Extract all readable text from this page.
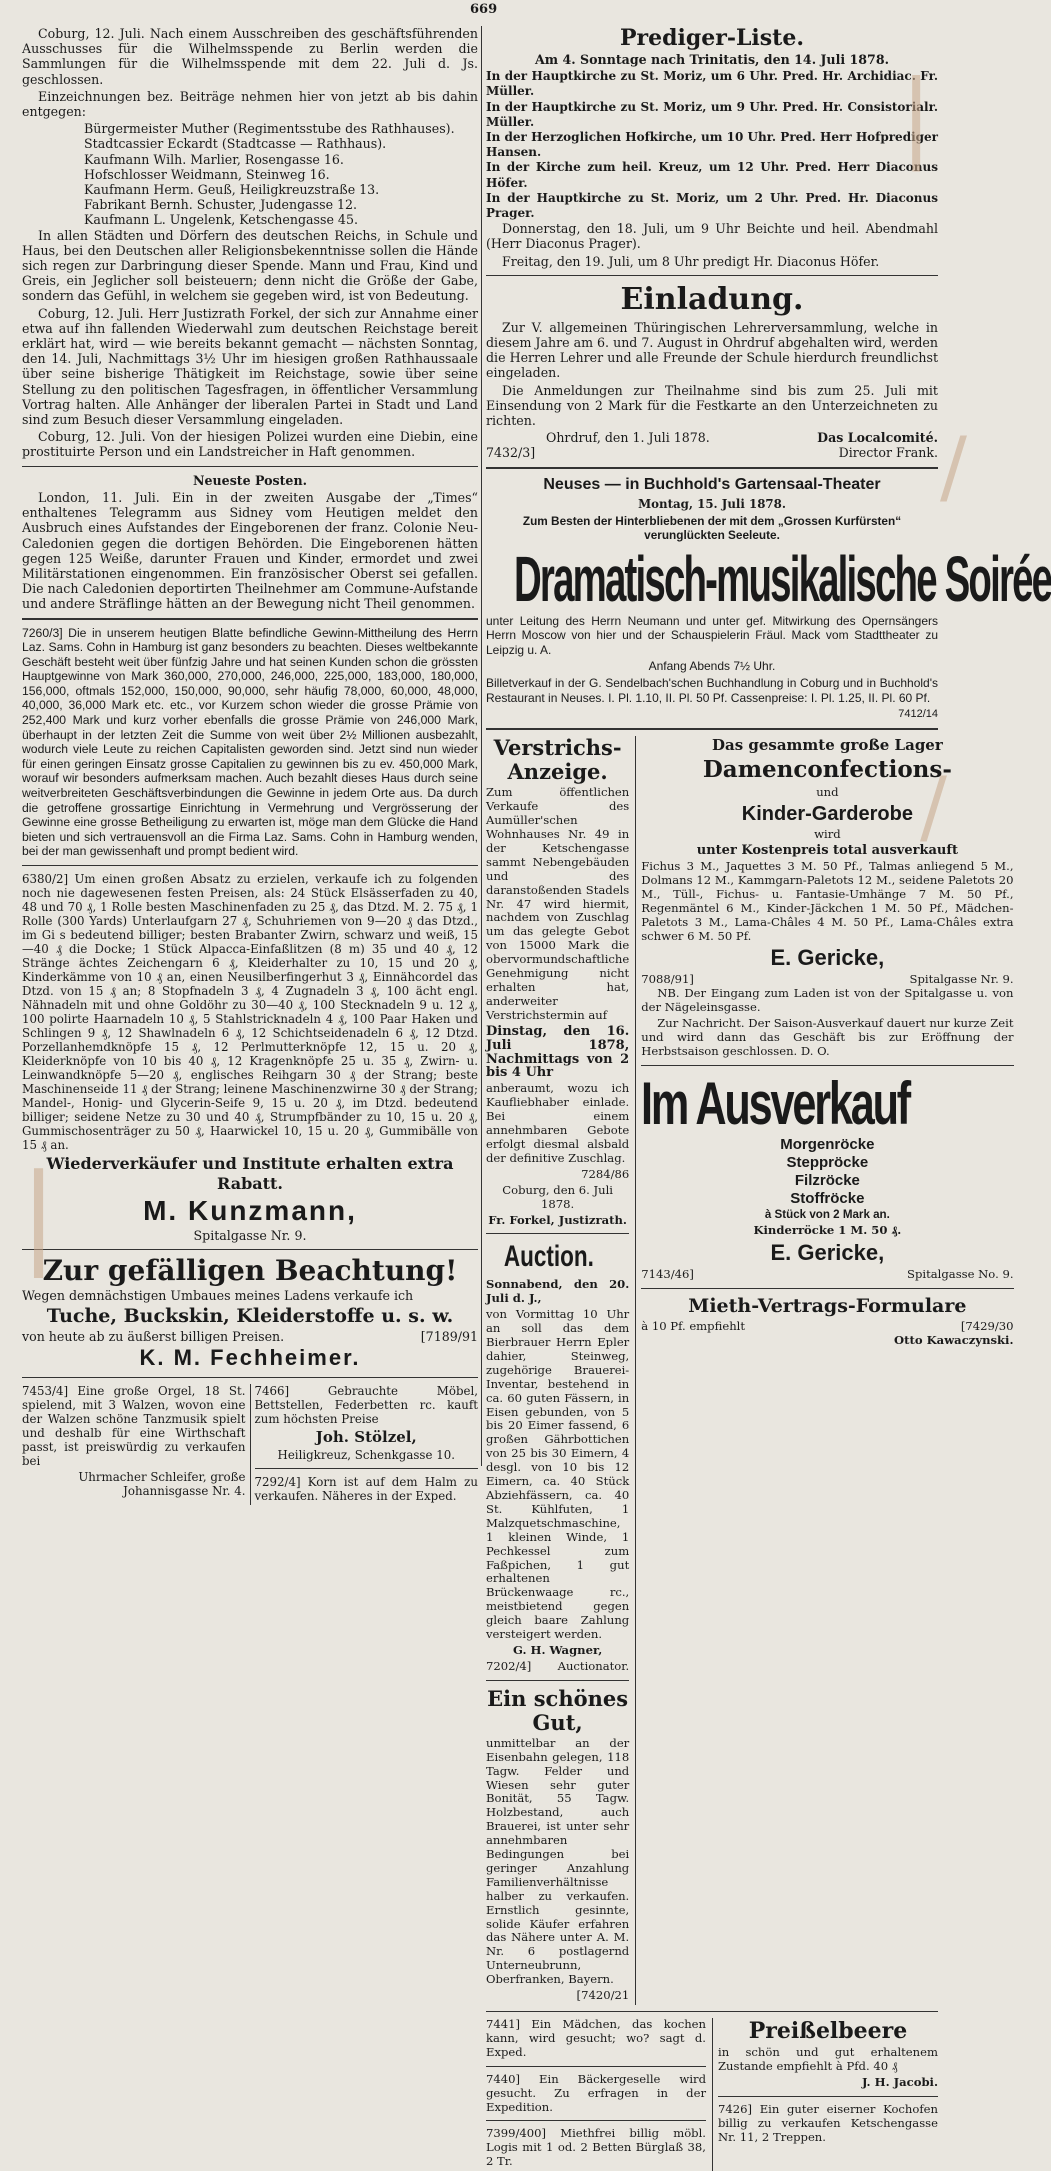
669

Coburg, 12. Juli. Nach einem Ausschreiben des geschäftsführenden Ausschusses für die Wilhelmsspende zu Berlin werden die Sammlungen für die Wilhelmsspende mit dem 22. Juli d. Js. geschlossen.

Einzeichnungen bez. Beiträge nehmen hier von jetzt ab bis dahin entgegen:

Bürgermeister Muther (Regimentsstube des Rathhauses).

Stadtcassier Eckardt (Stadtcasse — Rathhaus).

Kaufmann Wilh. Marlier, Rosengasse 16.

Hofschlosser Weidmann, Steinweg 16.

Kaufmann Herm. Geuß, Heiligkreuzstraße 13.

Fabrikant Bernh. Schuster, Judengasse 12.

Kaufmann L. Ungelenk, Ketschengasse 45.

In allen Städten und Dörfern des deutschen Reichs, in Schule und Haus, bei den Deutschen aller Religionsbekenntnisse sollen die Hände sich regen zur Darbringung dieser Spende. Mann und Frau, Kind und Greis, ein Jeglicher soll beisteuern; denn nicht die Größe der Gabe, sondern das Gefühl, in welchem sie gegeben wird, ist von Bedeutung.

Coburg, 12. Juli. Herr Justizrath Forkel, der sich zur Annahme einer etwa auf ihn fallenden Wiederwahl zum deutschen Reichstage bereit erklärt hat, wird — wie bereits bekannt gemacht — nächsten Sonntag, den 14. Juli, Nachmittags 3½ Uhr im hiesigen großen Rathhaussaale über seine bisherige Thätigkeit im Reichstage, sowie über seine Stellung zu den politischen Tagesfragen, in öffentlicher Versammlung Vortrag halten. Alle Anhänger der liberalen Partei in Stadt und Land sind zum Besuch dieser Versammlung eingeladen.

Coburg, 12. Juli. Von der hiesigen Polizei wurden eine Diebin, eine prostituirte Person und ein Landstreicher in Haft genommen.

Neueste Posten.

London, 11. Juli. Ein in der zweiten Ausgabe der „Times“ enthaltenes Telegramm aus Sidney vom Heutigen meldet den Ausbruch eines Aufstandes der Eingeborenen der franz. Colonie Neu-Caledonien gegen die dortigen Behörden. Die Eingeborenen hätten gegen 125 Weiße, darunter Frauen und Kinder, ermordet und zwei Militärstationen eingenommen. Ein französischer Oberst sei gefallen. Die nach Caledonien deportirten Theilnehmer am Commune-Aufstande und andere Sträflinge hätten an der Bewegung nicht Theil genommen.

7260/3] Die in unserem heutigen Blatte befindliche Gewinn-Mittheilung des Herrn Laz. Sams. Cohn in Hamburg ist ganz besonders zu beachten. Dieses weltbekannte Geschäft besteht weit über fünfzig Jahre und hat seinen Kunden schon die grössten Hauptgewinne von Mark 360,000, 270,000, 246,000, 225,000, 183,000, 180,000, 156,000, oftmals 152,000, 150,000, 90,000, sehr häufig 78,000, 60,000, 48,000, 40,000, 36,000 Mark etc. etc., vor Kurzem schon wieder die grosse Prämie von 252,400 Mark und kurz vorher ebenfalls die grosse Prämie von 246,000 Mark, überhaupt in der letzten Zeit die Summe von weit über 2½ Millionen ausbezahlt, wodurch viele Leute zu reichen Capitalisten geworden sind. Jetzt sind nun wieder für einen geringen Einsatz grosse Capitalien zu gewinnen bis zu ev. 450,000 Mark, worauf wir besonders aufmerksam machen. Auch bezahlt dieses Haus durch seine weitverbreiteten Geschäftsverbindungen die Gewinne in jedem Orte aus. Da durch die getroffene grossartige Einrichtung in Vermehrung und Vergrösserung der Gewinne eine grosse Betheiligung zu erwarten ist, möge man dem Glücke die Hand bieten und sich vertrauensvoll an die Firma Laz. Sams. Cohn in Hamburg wenden, bei der man gewissenhaft und prompt bedient wird.

6380/2] Um einen großen Absatz zu erzielen, verkaufe ich zu folgenden noch nie dagewesenen festen Preisen, als: 24 Stück Elsässerfaden zu 40, 48 und 70 ₰, 1 Rolle besten Maschinenfaden zu 25 ₰, das Dtzd. M. 2. 75 ₰, 1 Rolle (300 Yards) Unterlaufgarn 27 ₰, Schuhriemen von 9—20 ₰ das Dtzd., im Gi s bedeutend billiger; besten Brabanter Zwirn, schwarz und weiß, 15—40 ₰ die Docke; 1 Stück Alpacca-Einfaßlitzen (8 m) 35 und 40 ₰, 12 Stränge ächtes Zeichengarn 6 ₰, Kleiderhalter zu 10, 15 und 20 ₰, Kinderkämme von 10 ₰ an, einen Neusilberfingerhut 3 ₰, Einnähcordel das Dtzd. von 15 ₰ an; 8 Stopfnadeln 3 ₰, 4 Zugnadeln 3 ₰, 100 ächt engl. Nähnadeln mit und ohne Goldöhr zu 30—40 ₰, 100 Stecknadeln 9 u. 12 ₰, 100 polirte Haarnadeln 10 ₰, 5 Stahlstricknadeln 4 ₰, 100 Paar Haken und Schlingen 9 ₰, 12 Shawlnadeln 6 ₰, 12 Schichtseidenadeln 6 ₰, 12 Dtzd. Porzellanhemdknöpfe 15 ₰, 12 Perlmutterknöpfe 12, 15 u. 20 ₰, Kleiderknöpfe von 10 bis 40 ₰, 12 Kragenknöpfe 25 u. 35 ₰, Zwirn- u. Leinwandknöpfe 5—20 ₰, englisches Reihgarn 30 ₰ der Strang; beste Maschinenseide 11 ₰ der Strang; leinene Maschinenzwirne 30 ₰ der Strang; Mandel-, Honig- und Glycerin-Seife 9, 15 u. 20 ₰, im Dtzd. bedeutend billiger; seidene Netze zu 30 und 40 ₰, Strumpfbänder zu 10, 15 u. 20 ₰, Gummischosenträger zu 50 ₰, Haarwickel 10, 15 u. 20 ₰, Gummibälle von 15 ₰ an.

Wiederverkäufer und Institute erhalten extra Rabatt.

M. Kunzmann,

Spitalgasse Nr. 9.

Zur gefälligen Beachtung!

Wegen demnächstigen Umbaues meines Ladens verkaufe ich

Tuche, Buckskin, Kleiderstoffe u. s. w.

von heute ab zu äußerst billigen Preisen.	[7189/91

K. M. Fechheimer.

7453/4] Eine große Orgel, 18 St. spielend, mit 3 Walzen, wovon eine der Walzen schöne Tanzmusik spielt und deshalb für eine Wirthschaft passt, ist preiswürdig zu verkaufen bei

Uhrmacher Schleifer, große Johannisgasse Nr. 4.

7466] Gebrauchte Möbel, Bettstellen, Federbetten rc. kauft zum höchsten Preise

Joh. Stölzel,

Heiligkreuz, Schenkgasse 10.

7292/4] Korn ist auf dem Halm zu verkaufen. Näheres in der Exped.

Prediger-Liste.

Am 4. Sonntage nach Trinitatis, den 14. Juli 1878.

In der Hauptkirche zu St. Moriz, um 6 Uhr. Pred. Hr. Archidiac. Fr. Müller.

In der Hauptkirche zu St. Moriz, um 9 Uhr. Pred. Hr. Consistorialr. Müller.

In der Herzoglichen Hofkirche, um 10 Uhr. Pred. Herr Hofprediger Hansen.

In der Kirche zum heil. Kreuz, um 12 Uhr. Pred. Herr Diaconus Höfer.

In der Hauptkirche zu St. Moriz, um 2 Uhr. Pred. Hr. Diaconus Prager.

Donnerstag, den 18. Juli, um 9 Uhr Beichte und heil. Abendmahl (Herr Diaconus Prager).

Freitag, den 19. Juli, um 8 Uhr predigt Hr. Diaconus Höfer.

Einladung.

Zur V. allgemeinen Thüringischen Lehrerversammlung, welche in diesem Jahre am 6. und 7. August in Ohrdruf abgehalten wird, werden die Herren Lehrer und alle Freunde der Schule hierdurch freundlichst eingeladen.

Die Anmeldungen zur Theilnahme sind bis zum 25. Juli mit Einsendung von 2 Mark für die Festkarte an den Unterzeichneten zu richten.

Ohrdruf, den 1. Juli 1878.	Das Localcomité.
7432/3]	Director Frank.

Neuses — in Buchhold's Gartensaal-Theater

Montag, 15. Juli 1878.

Zum Besten der Hinterbliebenen der mit dem „Grossen Kurfürsten“ verunglückten Seeleute.

Dramatisch-musikalische Soirée

unter Leitung des Herrn Neumann und unter gef. Mitwirkung des Opernsängers Herrn Moscow von hier und der Schauspielerin Fräul. Mack vom Stadttheater zu Leipzig u. A.

Anfang Abends 7½ Uhr.

Billetverkauf in der G. Sendelbach'schen Buchhandlung in Coburg und in Buchhold's Restaurant in Neuses. I. Pl. 1.10, II. Pl. 50 Pf. Cassenpreise: I. Pl. 1.25, II. Pl. 60 Pf.

7412/14

Verstrichs-Anzeige.

Zum öffentlichen Verkaufe des Aumüller'schen Wohnhauses Nr. 49 in der Ketschengasse sammt Nebengebäuden und des daranstoßenden Stadels Nr. 47 wird hiermit, nachdem von Zuschlag um das gelegte Gebot von 15000 Mark die obervormundschaftliche Genehmigung nicht erhalten hat, anderweiter Verstrichstermin auf

Dinstag, den 16. Juli 1878, Nachmittags von 2 bis 4 Uhr

anberaumt, wozu ich Kaufliebhaber einlade. Bei einem annehmbaren Gebote erfolgt diesmal alsbald der definitive Zuschlag.

7284/86

Coburg, den 6. Juli 1878.

Fr. Forkel, Justizrath.

Auction.

Sonnabend, den 20. Juli d. J.,

von Vormittag 10 Uhr an soll das dem Bierbrauer Herrn Epler dahier, Steinweg, zugehörige Brauerei-Inventar, bestehend in ca. 60 guten Fässern, in Eisen gebunden, von 5 bis 20 Eimer fassend, 6 großen Gährbottichen von 25 bis 30 Eimern, 4 desgl. von 10 bis 12 Eimern, ca. 40 Stück Abziehfässern, ca. 40 St. Kühlfuten, 1 Malzquetschmaschine, 1 kleinen Winde, 1 Pechkessel zum Faßpichen, 1 gut erhaltenen Brückenwaage rc., meistbietend gegen gleich baare Zahlung versteigert werden.

G. H. Wagner,

7202/4] Auctionator.

Ein schönes Gut,

unmittelbar an der Eisenbahn gelegen, 118 Tagw. Felder und Wiesen sehr guter Bonität, 55 Tagw. Holzbestand, auch Brauerei, ist unter sehr annehmbaren Bedingungen bei geringer Anzahlung Familienverhältnisse halber zu verkaufen. Ernstlich gesinnte, solide Käufer erfahren das Nähere unter A. M. Nr. 6 postlagernd Unterneubrunn, Oberfranken, Bayern.

[7420/21

Das gesammte große Lager

Damenconfections-

und

Kinder-Garderobe

wird

unter Kostenpreis total ausverkauft

Fichus 3 M., Jaquettes 3 M. 50 Pf., Talmas anliegend 5 M., Dolmans 12 M., Kammgarn-Paletots 12 M., seidene Paletots 20 M., Tüll-, Fichus- u. Fantasie-Umhänge 7 M. 50 Pf., Regenmäntel 6 M., Kinder-Jäckchen 1 M. 50 Pf., Mädchen-Paletots 3 M., Lama-Châles 4 M. 50 Pf., Lama-Châles extra schwer 6 M. 50 Pf.

E. Gericke,

7088/91]	Spitalgasse Nr. 9.

NB. Der Eingang zum Laden ist von der Spitalgasse u. von der Nägeleinsgasse.

Zur Nachricht. Der Saison-Ausverkauf dauert nur kurze Zeit und wird dann das Geschäft bis zur Eröffnung der Herbstsaison geschlossen. D. O.

Im Ausverkauf

Morgenröcke

Steppröcke

Filzröcke

Stoffröcke

à Stück von 2 Mark an.

Kinderröcke 1 M. 50 ₰.

E. Gericke,

7143/46]	Spitalgasse No. 9.

Mieth-Vertrags-Formulare

à 10 Pf. empfiehlt	[7429/30

Otto Kawaczynski.

7441] Ein Mädchen, das kochen kann, wird gesucht; wo? sagt d. Exped.

7440] Ein Bäckergeselle wird gesucht. Zu erfragen in der Expedition.

7399/400] Miethfrei billig möbl. Logis mit 1 od. 2 Betten Bürglaß 38, 2 Tr.

Preißelbeere

in schön und gut erhaltenem Zustande empfiehlt à Pfd. 40 ₰

J. H. Jacobi.

7426] Ein guter eiserner Kochofen billig zu verkaufen Ketschengasse Nr. 11, 2 Treppen.

|
/
/
|
